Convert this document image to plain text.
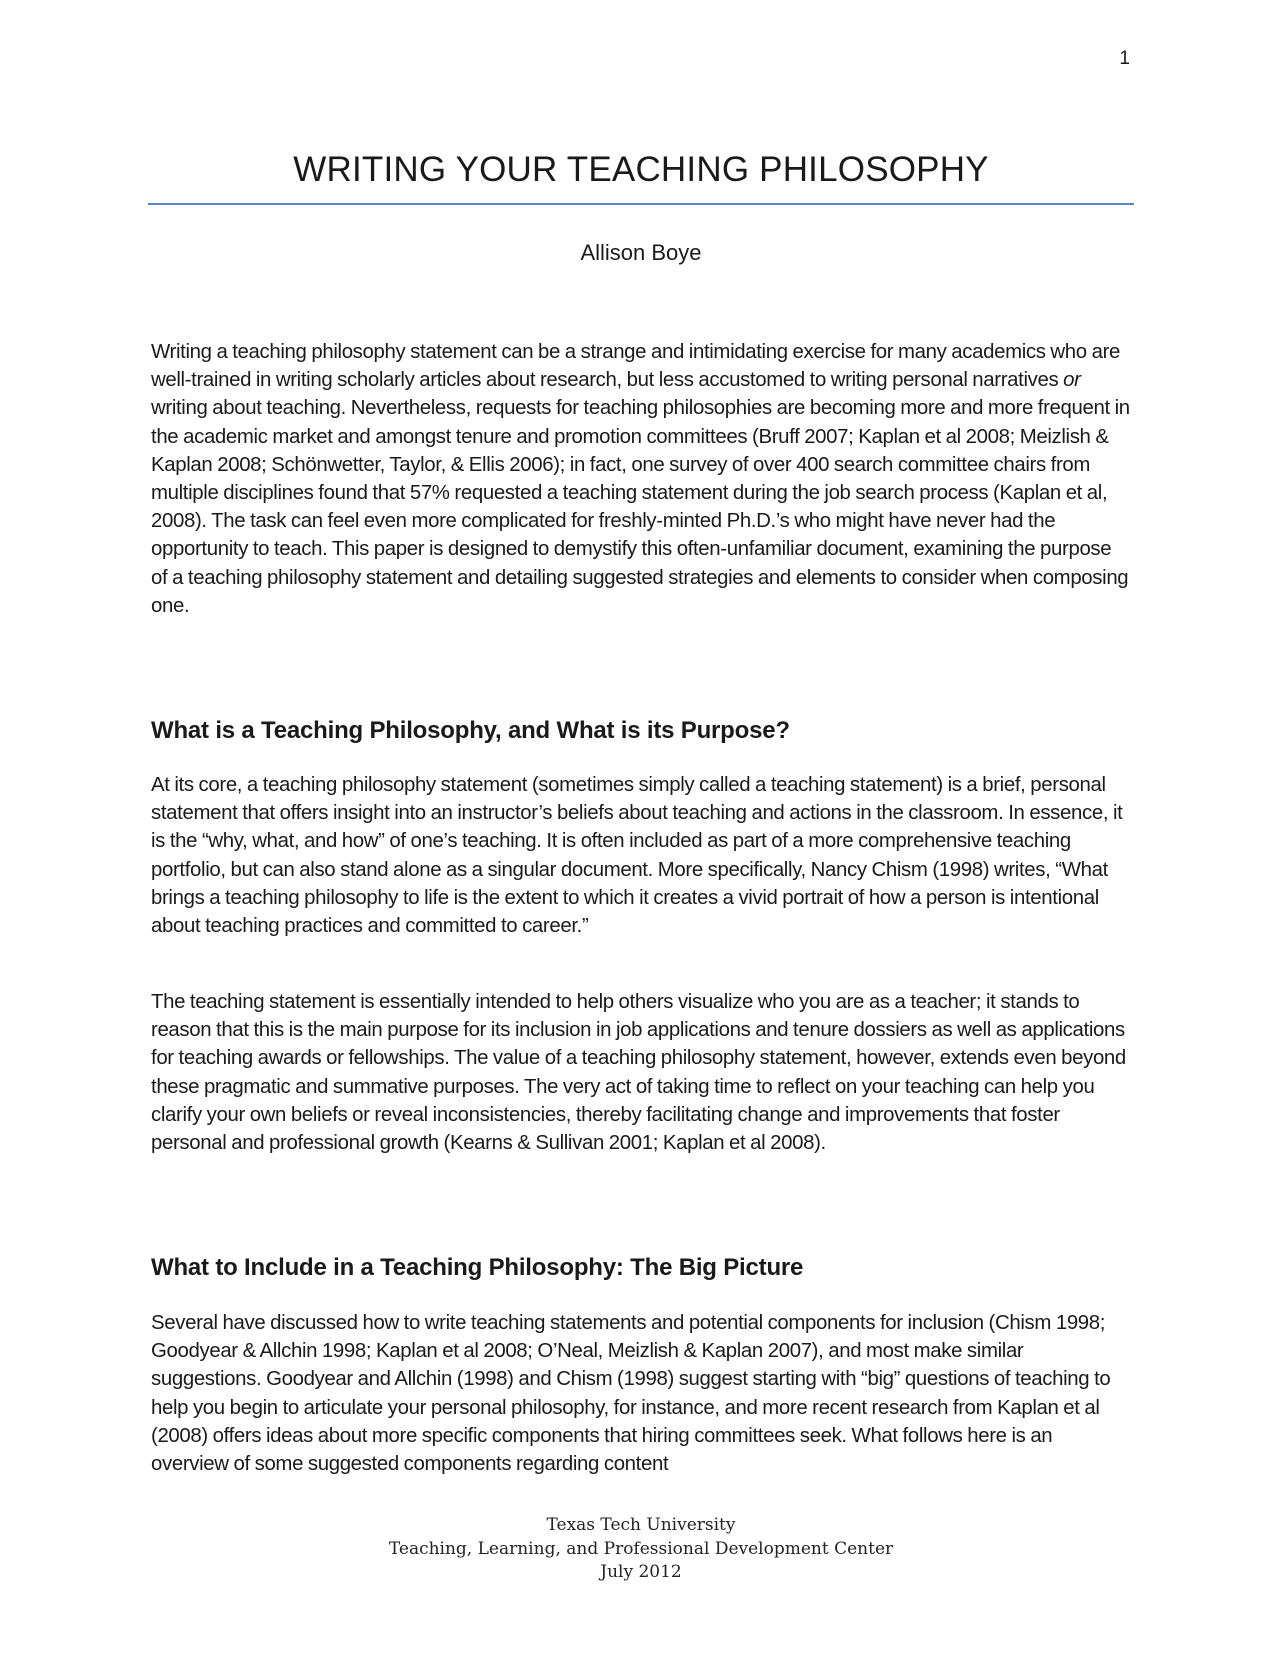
1
WRITING YOUR TEACHING PHILOSOPHY
Allison Boye

Writing a teaching philosophy statement can be a strange and intimidating exercise for many academics who are well-trained in writing scholarly articles about research, but less accustomed to writing personal narratives or writing about teaching. Nevertheless, requests for teaching philosophies are becoming more and more frequent in the academic market and amongst tenure and promotion committees (Bruff 2007; Kaplan et al 2008; Meizlish & Kaplan 2008; Schönwetter, Taylor, & Ellis 2006); in fact, one survey of over 400 search committee chairs from multiple disciplines found that 57% requested a teaching statement during the job search process (Kaplan et al, 2008). The task can feel even more complicated for freshly-minted Ph.D.’s who might have never had the opportunity to teach. This paper is designed to demystify this often-unfamiliar document, examining the purpose of a teaching philosophy statement and detailing suggested strategies and elements to consider when composing one.

What is a Teaching Philosophy, and What is its Purpose?

At its core, a teaching philosophy statement (sometimes simply called a teaching statement) is a brief, personal statement that offers insight into an instructor’s beliefs about teaching and actions in the classroom. In essence, it is the “why, what, and how” of one’s teaching. It is often included as part of a more comprehensive teaching portfolio, but can also stand alone as a singular document. More specifically, Nancy Chism (1998) writes, “What brings a teaching philosophy to life is the extent to which it creates a vivid portrait of how a person is intentional about teaching practices and committed to career.”

The teaching statement is essentially intended to help others visualize who you are as a teacher; it stands to reason that this is the main purpose for its inclusion in job applications and tenure dossiers as well as applications for teaching awards or fellowships. The value of a teaching philosophy statement, however, extends even beyond these pragmatic and summative purposes. The very act of taking time to reflect on your teaching can help you clarify your own beliefs or reveal inconsistencies, thereby facilitating change and improvements that foster personal and professional growth (Kearns & Sullivan 2001; Kaplan et al 2008).

What to Include in a Teaching Philosophy: The Big Picture

Several have discussed how to write teaching statements and potential components for inclusion (Chism 1998; Goodyear & Allchin 1998; Kaplan et al 2008; O’Neal, Meizlish & Kaplan 2007), and most make similar suggestions. Goodyear and Allchin (1998) and Chism (1998) suggest starting with “big” questions of teaching to help you begin to articulate your personal philosophy, for instance, and more recent research from Kaplan et al (2008) offers ideas about more specific components that hiring committees seek. What follows here is an overview of some suggested components regarding content

Texas Tech University
Teaching, Learning, and Professional Development Center
July 2012
